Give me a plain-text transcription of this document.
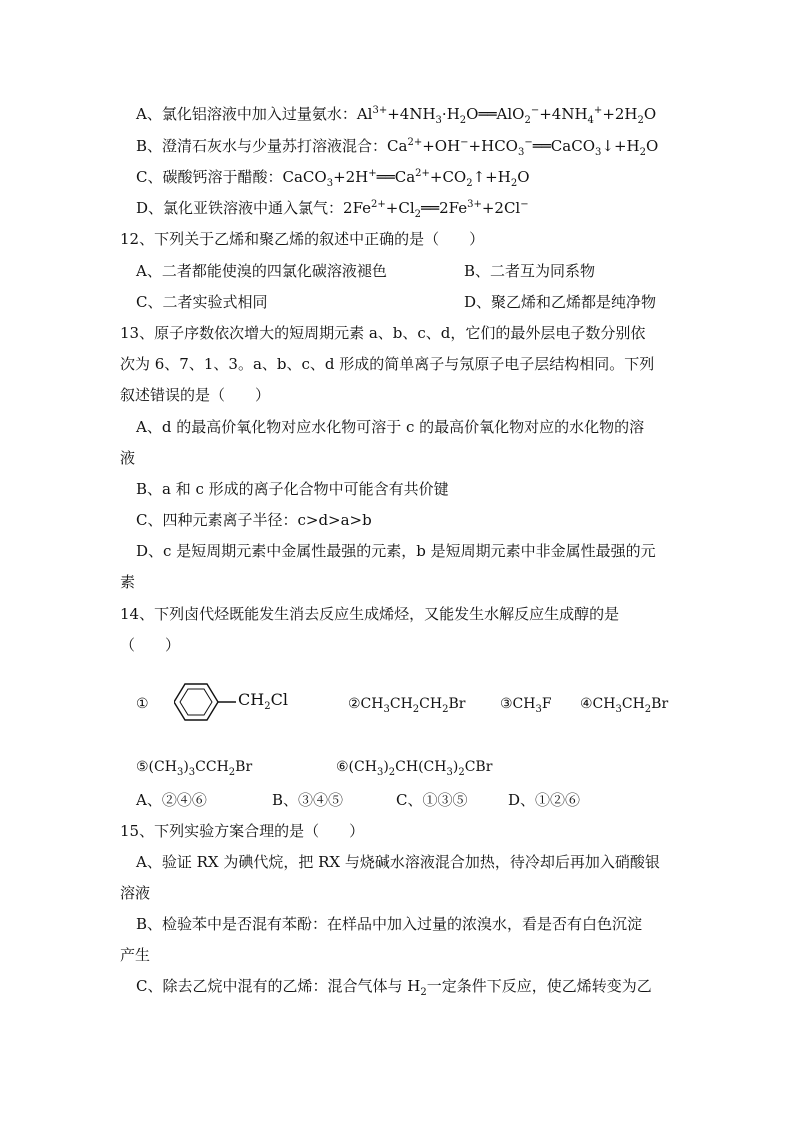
A、氯化铝溶液中加入过量氨水：$Al^{3+}+4NH_3\cdot H_2O══AlO_2^-+4NH_4^++2H_2O$
B、澄清石灰水与少量苏打溶液混合：$Ca^{2+}+OH^-+HCO_3^-══CaCO_3↓+H_2O$
C、碳酸钙溶于醋酸：$CaCO_3+2H^+══Ca^{2+}+CO_2↑+H_2O$
D、氯化亚铁溶液中通入氯气：$2Fe^{2+}+Cl_2══2Fe^{3+}+2Cl^-$
12、下列关于乙烯和聚乙烯的叙述中正确的是（　　）
A、二者都能使溴的四氯化碳溶液褪色	B、二者互为同系物
C、二者实验式相同	D、聚乙烯和乙烯都是纯净物
13、原子序数依次增大的短周期元素 a、b、c、d，它们的最外层电子数分别依
次为 6、7、1、3。a、b、c、d 形成的简单离子与氖原子电子层结构相同。下列
叙述错误的是（　　）
A、d 的最高价氧化物对应水化物可溶于 c 的最高价氧化物对应的水化物的溶
液
B、a 和 c 形成的离子化合物中可能含有共价键
C、四种元素离子半径：c>d>a>b
D、c 是短周期元素中金属性最强的元素，b 是短周期元素中非金属性最强的元
素
14、下列卤代烃既能发生消去反应生成烯烃，又能发生水解反应生成醇的是
（　　）
①	$CH_2Cl$	$②CH_3CH_2CH_2Br$ $③CH_3F$ $④CH_3CH_2Br$
$⑤(CH_3)_3CCH_2Br$	$⑥(CH_3)_2CH(CH_3)_2CBr$
A、②④⑥	B、③④⑤	C、①③⑤	D、①②⑥
15、下列实验方案合理的是（　　）
A、验证 RX 为碘代烷，把 RX 与烧碱水溶液混合加热，待冷却后再加入硝酸银
溶液
B、检验苯中是否混有苯酚：在样品中加入过量的浓溴水，看是否有白色沉淀
产生
C、除去乙烷中混有的乙烯：混合气体与 $H_2$一定条件下反应，使乙烯转变为乙
